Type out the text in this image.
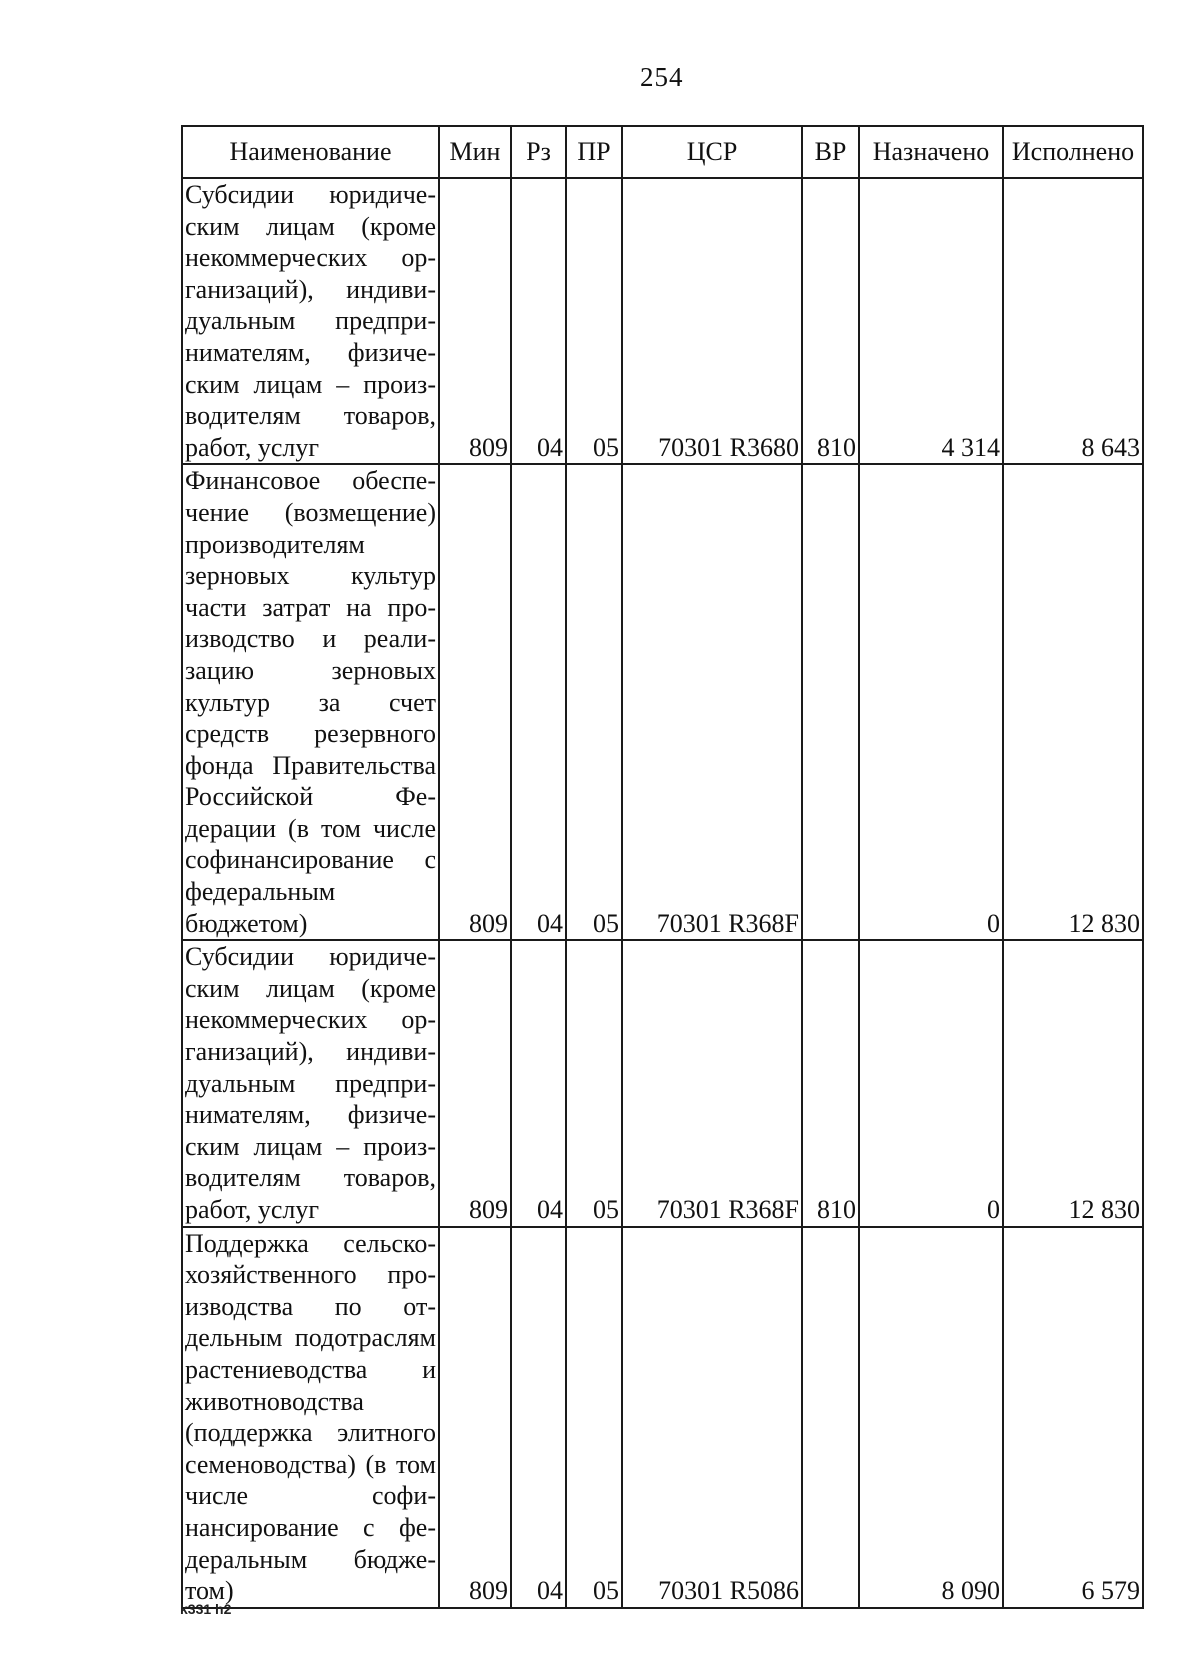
254
Наименование	Мин	Рз	ПР	ЦСР	ВР	Назначено	Исполнено
Субсидии юридическим лицам (кроме некоммерческих организаций), индивидуальным предпринимателям, физическим лицам – производителям товаров, работ, услуг	809	04	05	70301 R3680	810	4 314	8 643
Финансовое обеспечение (возмещение) производителям зерновых культур части затрат на производство и реализацию зерновых культур за счет средств резервного фонда Правительства Российской Федерации (в том числе софинансирование с федеральным бюджетом)	809	04	05	70301 R368F		0	12 830
Субсидии юридическим лицам (кроме некоммерческих организаций), индивидуальным предпринимателям, физическим лицам – производителям товаров, работ, услуг	809	04	05	70301 R368F	810	0	12 830
Поддержка сельскохозяйственного производства по отдельным подотраслям растениеводства и животноводства (поддержка элитного семеноводства) (в том числе софинансирование с федеральным бюджетом)	809	04	05	70301 R5086		8 090	6 579
k331 h2
